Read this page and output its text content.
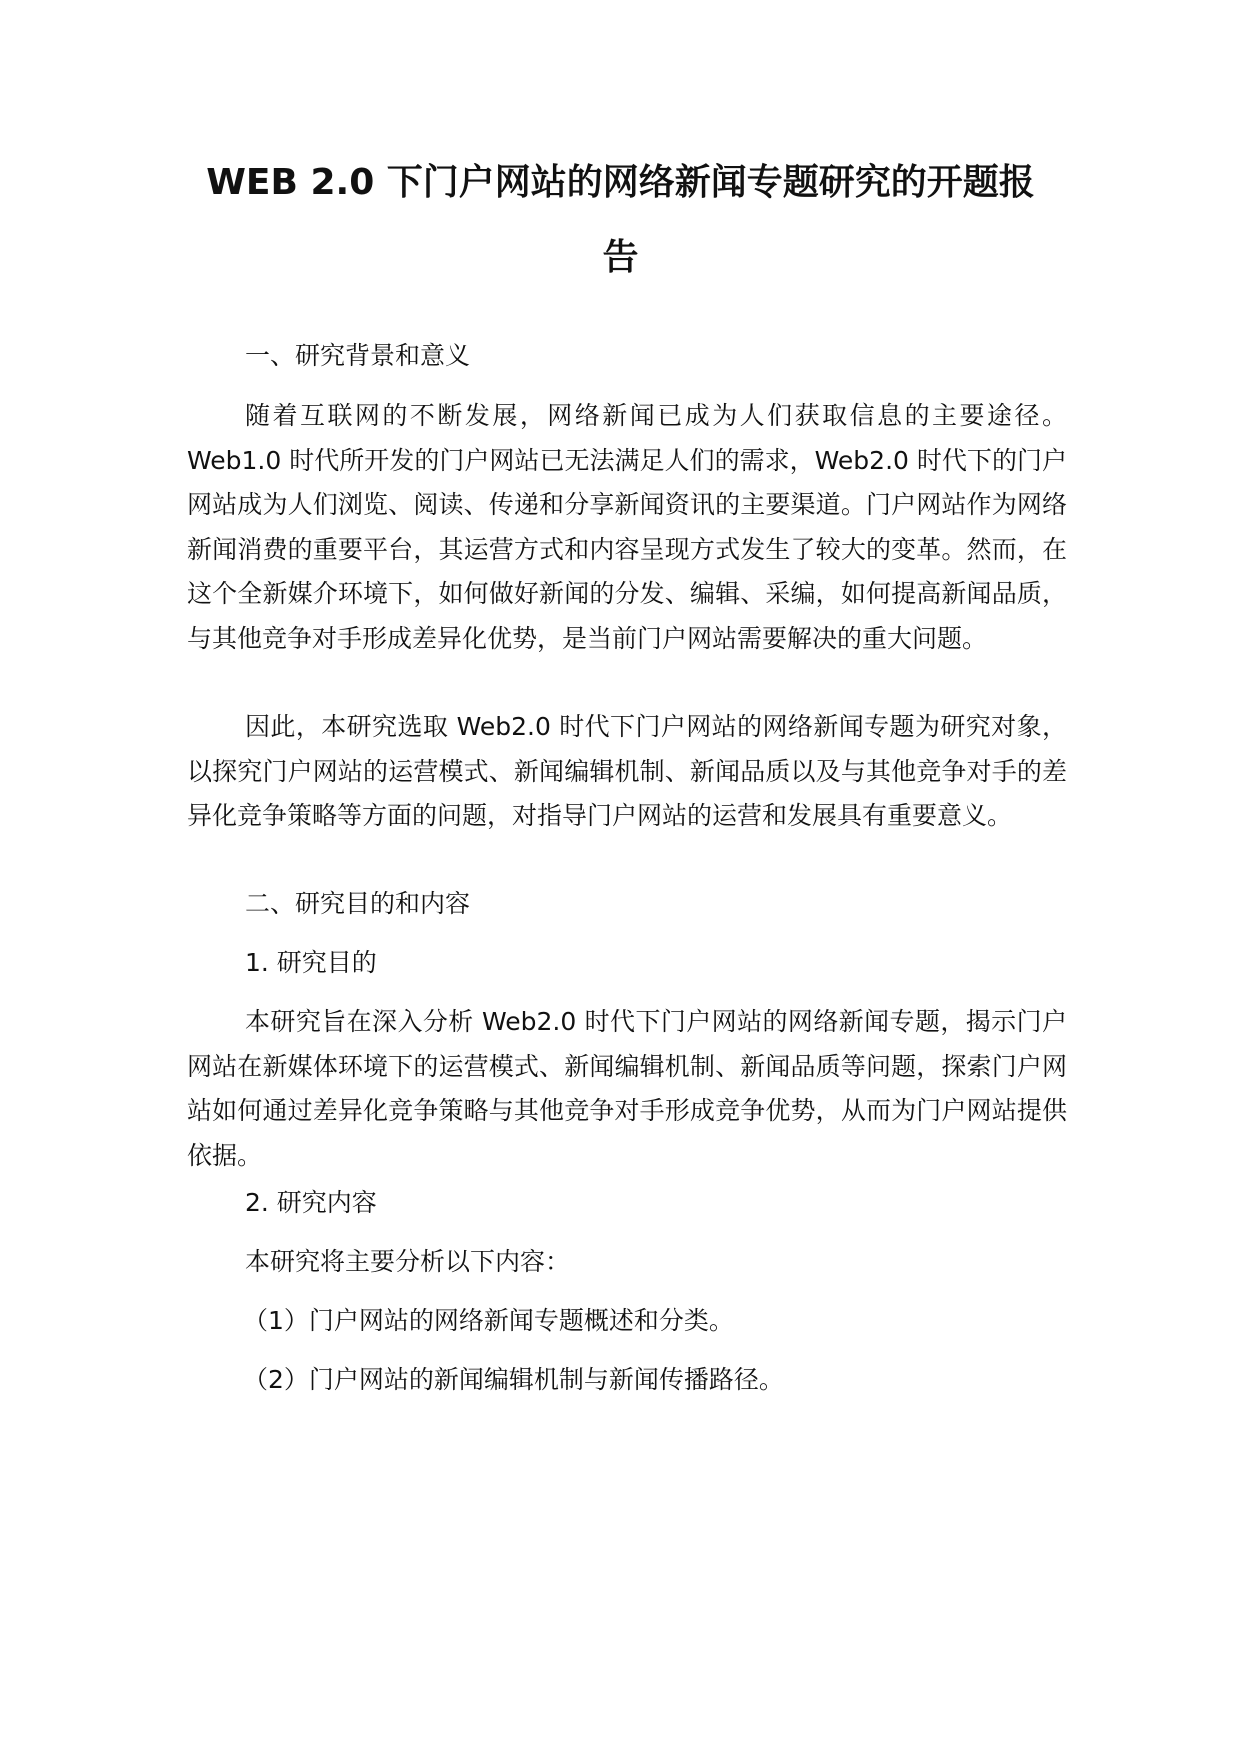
WEB 2.0 下门户网站的网络新闻专题研究的开题报
告

一、研究背景和意义

随着互联网的不断发展，网络新闻已成为人们获取信息的主要途径。Web1.0 时代所开发的门户网站已无法满足人们的需求，Web2.0 时代下的门户网站成为人们浏览、阅读、传递和分享新闻资讯的主要渠道。门户网站作为网络新闻消费的重要平台，其运营方式和内容呈现方式发生了较大的变革。然而，在这个全新媒介环境下，如何做好新闻的分发、编辑、采编，如何提高新闻品质，与其他竞争对手形成差异化优势，是当前门户网站需要解决的重大问题。

因此，本研究选取 Web2.0 时代下门户网站的网络新闻专题为研究对象，以探究门户网站的运营模式、新闻编辑机制、新闻品质以及与其他竞争对手的差异化竞争策略等方面的问题，对指导门户网站的运营和发展具有重要意义。

二、研究目的和内容

1. 研究目的

本研究旨在深入分析 Web2.0 时代下门户网站的网络新闻专题，揭示门户网站在新媒体环境下的运营模式、新闻编辑机制、新闻品质等问题，探索门户网站如何通过差异化竞争策略与其他竞争对手形成竞争优势，从而为门户网站提供依据。

2. 研究内容

本研究将主要分析以下内容：

（1）门户网站的网络新闻专题概述和分类。

（2）门户网站的新闻编辑机制与新闻传播路径。
